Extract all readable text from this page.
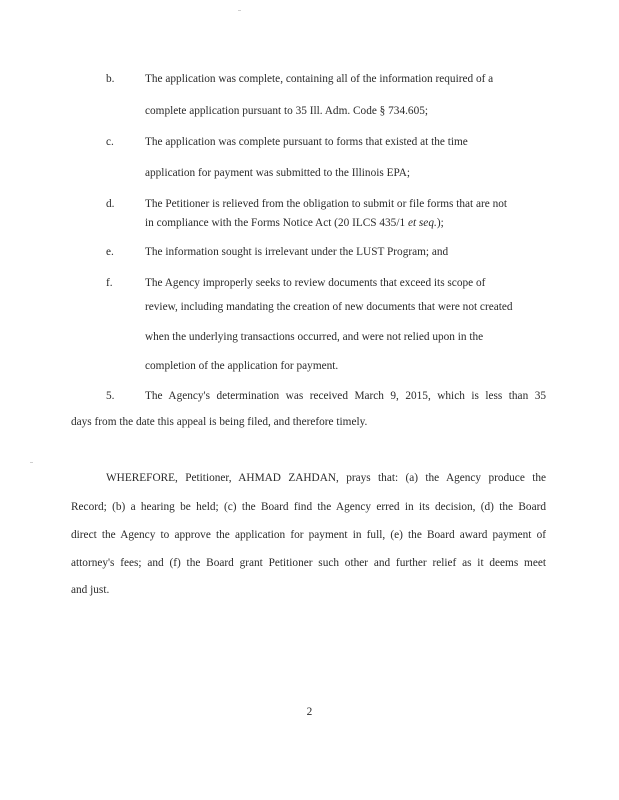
b.	The application was complete, containing all of the information required of a
complete application pursuant to 35 Ill. Adm. Code § 734.605;
c.	The application was complete pursuant to forms that existed at the time
application for payment was submitted to the Illinois EPA;
d.	The Petitioner is relieved from the obligation to submit or file forms that are not
in compliance with the Forms Notice Act (20 ILCS 435/1 et seq.);
e.	The information sought is irrelevant under the LUST Program; and
f.	The Agency improperly seeks to review documents that exceed its scope of
review, including mandating the creation of new documents that were not created
when the underlying transactions occurred, and were not relied upon in the
completion of the application for payment.
5.	The Agency's determination was received March 9, 2015, which is less than 35
days from the date this appeal is being filed, and therefore timely.
WHEREFORE, Petitioner, AHMAD ZAHDAN, prays that: (a) the Agency produce the
Record; (b) a hearing be held; (c) the Board find the Agency erred in its decision, (d) the Board
direct the Agency to approve the application for payment in full, (e) the Board award payment of
attorney's fees; and (f) the Board grant Petitioner such other and further relief as it deems meet
and just.
2
